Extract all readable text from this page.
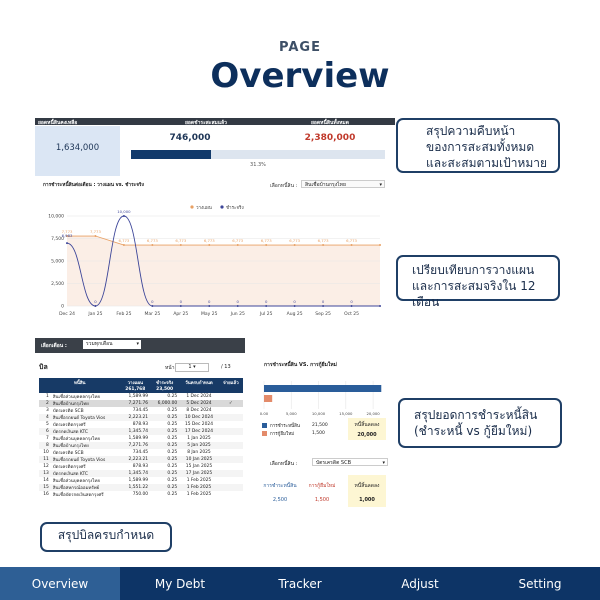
PAGE
Overview
ยอดหนี้สินคงเหลือ	ยอดชำระสะสมแล้ว	ยอดหนี้สินทั้งหมด
1,634,000
746,000	2,380,000
31.3%
สรุปความคืบหน้า
ของการสะสมทั้งหมด
และสะสมตามเป้าหมาย
การชำระหนี้สินต่อเดือน : วางแผน vs. ชำระจริง	เลือกหนี้สิน :	สินเชื่อบ้านกรุงไทย	▾
วางแผน	ชำระจริง
0
2,500
5,000
7,500
10,000
Dec 24	Jan 25	Feb 25	Mar 25	Apr 25	May 25	Jun 25	Jul 25	Aug 25	Sep 25	Oct 25
7,773	7,773
6,773	6,773	6,773	6,773	6,773	6,773	6,773	6,773	6,773
6,983
0
10,000
0	0	0	0	0	0	0	0
เปรียบเทียบการวางแผน
และการสะสมจริงใน 12 เดือน
เลือกเดือน :	รวมทุกเดือน	▾
บิล	หน้า	1 ▾	/ 13
หนี้สิน		วางแผน	ชำระจริง	วันครบกำหนด	จ่ายแล้ว
		261,768	23,500		
1	สินเชื่อส่วนบุคคลกรุงไทย	1,589.99	0.25	1 Dec 2024	
2	สินเชื่อบ้านกรุงไทย	7,271.76	6,000.00	5 Dec 2024	✓
3	บัตรเครดิต SCB	734.45	0.25	8 Dec 2024	
4	สินเชื่อรถยนต์ Toyota Vios	2,223.21	0.25	10 Dec 2024	
5	บัตรเครดิตกรุงศรี	878.93	0.25	15 Dec 2024	
6	บัตรกดเงินสด KTC	1,345.74	0.25	17 Dec 2024	
7	สินเชื่อส่วนบุคคลกรุงไทย	1,589.99	0.25	1 Jan 2025	
8	สินเชื่อบ้านกรุงไทย	7,271.76	0.25	5 Jan 2025	
10	บัตรเครดิต SCB	734.45	0.25	8 Jan 2025	
11	สินเชื่อรถยนต์ Toyota Vios	2,223.21	0.25	10 Jan 2025	
12	บัตรเครดิตกรุงศรี	878.93	0.25	15 Jan 2025	
13	บัตรกดเงินสด KTC	1,345.74	0.25	17 Jan 2025	
14	สินเชื่อส่วนบุคคลกรุงไทย	1,589.99	0.25	1 Feb 2025	
15	สินเชื่อสหกรณ์ออมทรัพย์	1,551.22	0.25	1 Feb 2025	
16	สินเชื่อบัตรกดเงินสดกรุงศรี	750.00	0.25	1 Feb 2025	
สรุปบิลครบกำหนด
การชำระหนี้สิน VS. การกู้ยืมใหม่
0.00	5,000	10,000	15,000	20,000
การชำระหนี้สิน	21,500
การกู้ยืมใหม่	1,500
หนี้สิ้นลดลง
20,000
สรุปยอดการชำระหนี้สิน
(ชำระหนี้ vs กู้ยืมใหม่)
เลือกหนี้สิน :	บัตรเครดิต SCB	▾
การชำระหนี้สิน	การกู้ยืมใหม่	หนี้สิ้นลดลง
2,500	1,500	1,000
Overview	My Debt	Tracker	Adjust	Setting
